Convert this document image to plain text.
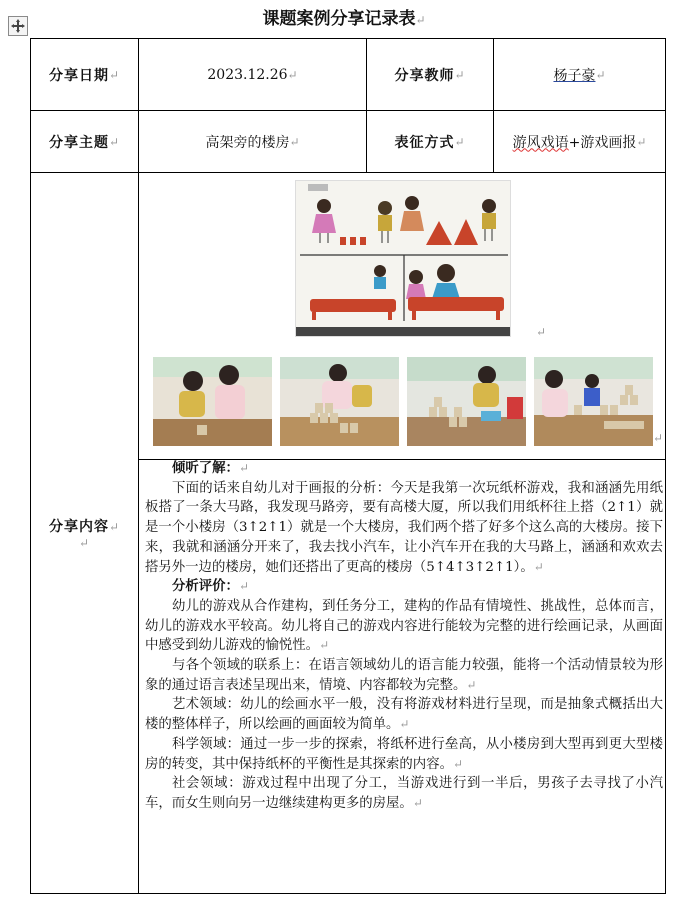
课题案例分享记录表↵
分享日期 ↵	2023.12.26 ↵	分享教师 ↵	杨子豪 ↵
分享主题 ↵	高架旁的楼房 ↵	表征方式 ↵	游风戏语 +游戏画报 ↵
分享内容↵
↵
↵
↵

倾听了解：↵

下面的话来自幼儿对于画报的分析：今天是我第一次玩纸杯游戏，我和涵涵先用纸板搭了一条大马路，我发现马路旁，要有高楼大厦，所以我们用纸杯往上搭（2↑1）就是一个小楼房（3↑2↑1）就是一个大楼房，我们两个搭了好多个这么高的大楼房。接下来，我就和涵涵分开来了，我去找小汽车，让小汽车开在我的大马路上，涵涵和欢欢去搭另外一边的楼房，她们还搭出了更高的楼房（5↑4↑3↑2↑1）。↵

分析评价：↵

幼儿的游戏从合作建构，到任务分工，建构的作品有情境性、挑战性，总体而言，幼儿的游戏水平较高。幼儿将自己的游戏内容进行能较为完整的进行绘画记录，从画面中感受到幼儿游戏的愉悦性。↵

与各个领域的联系上：在语言领域幼儿的语言能力较强，能将一个活动情景较为形象的通过语言表述呈现出来，情境、内容都较为完整。↵

艺术领域：幼儿的绘画水平一般，没有将游戏材料进行呈现，而是抽象式概括出大楼的整体样子，所以绘画的画面较为简单。↵

科学领域：通过一步一步的探索，将纸杯进行垒高，从小楼房到大型再到更大型楼房的转变，其中保持纸杯的平衡性是其探索的内容。↵

社会领域：游戏过程中出现了分工，当游戏进行到一半后，男孩子去寻找了小汽车，而女生则向另一边继续建构更多的房屋。↵
